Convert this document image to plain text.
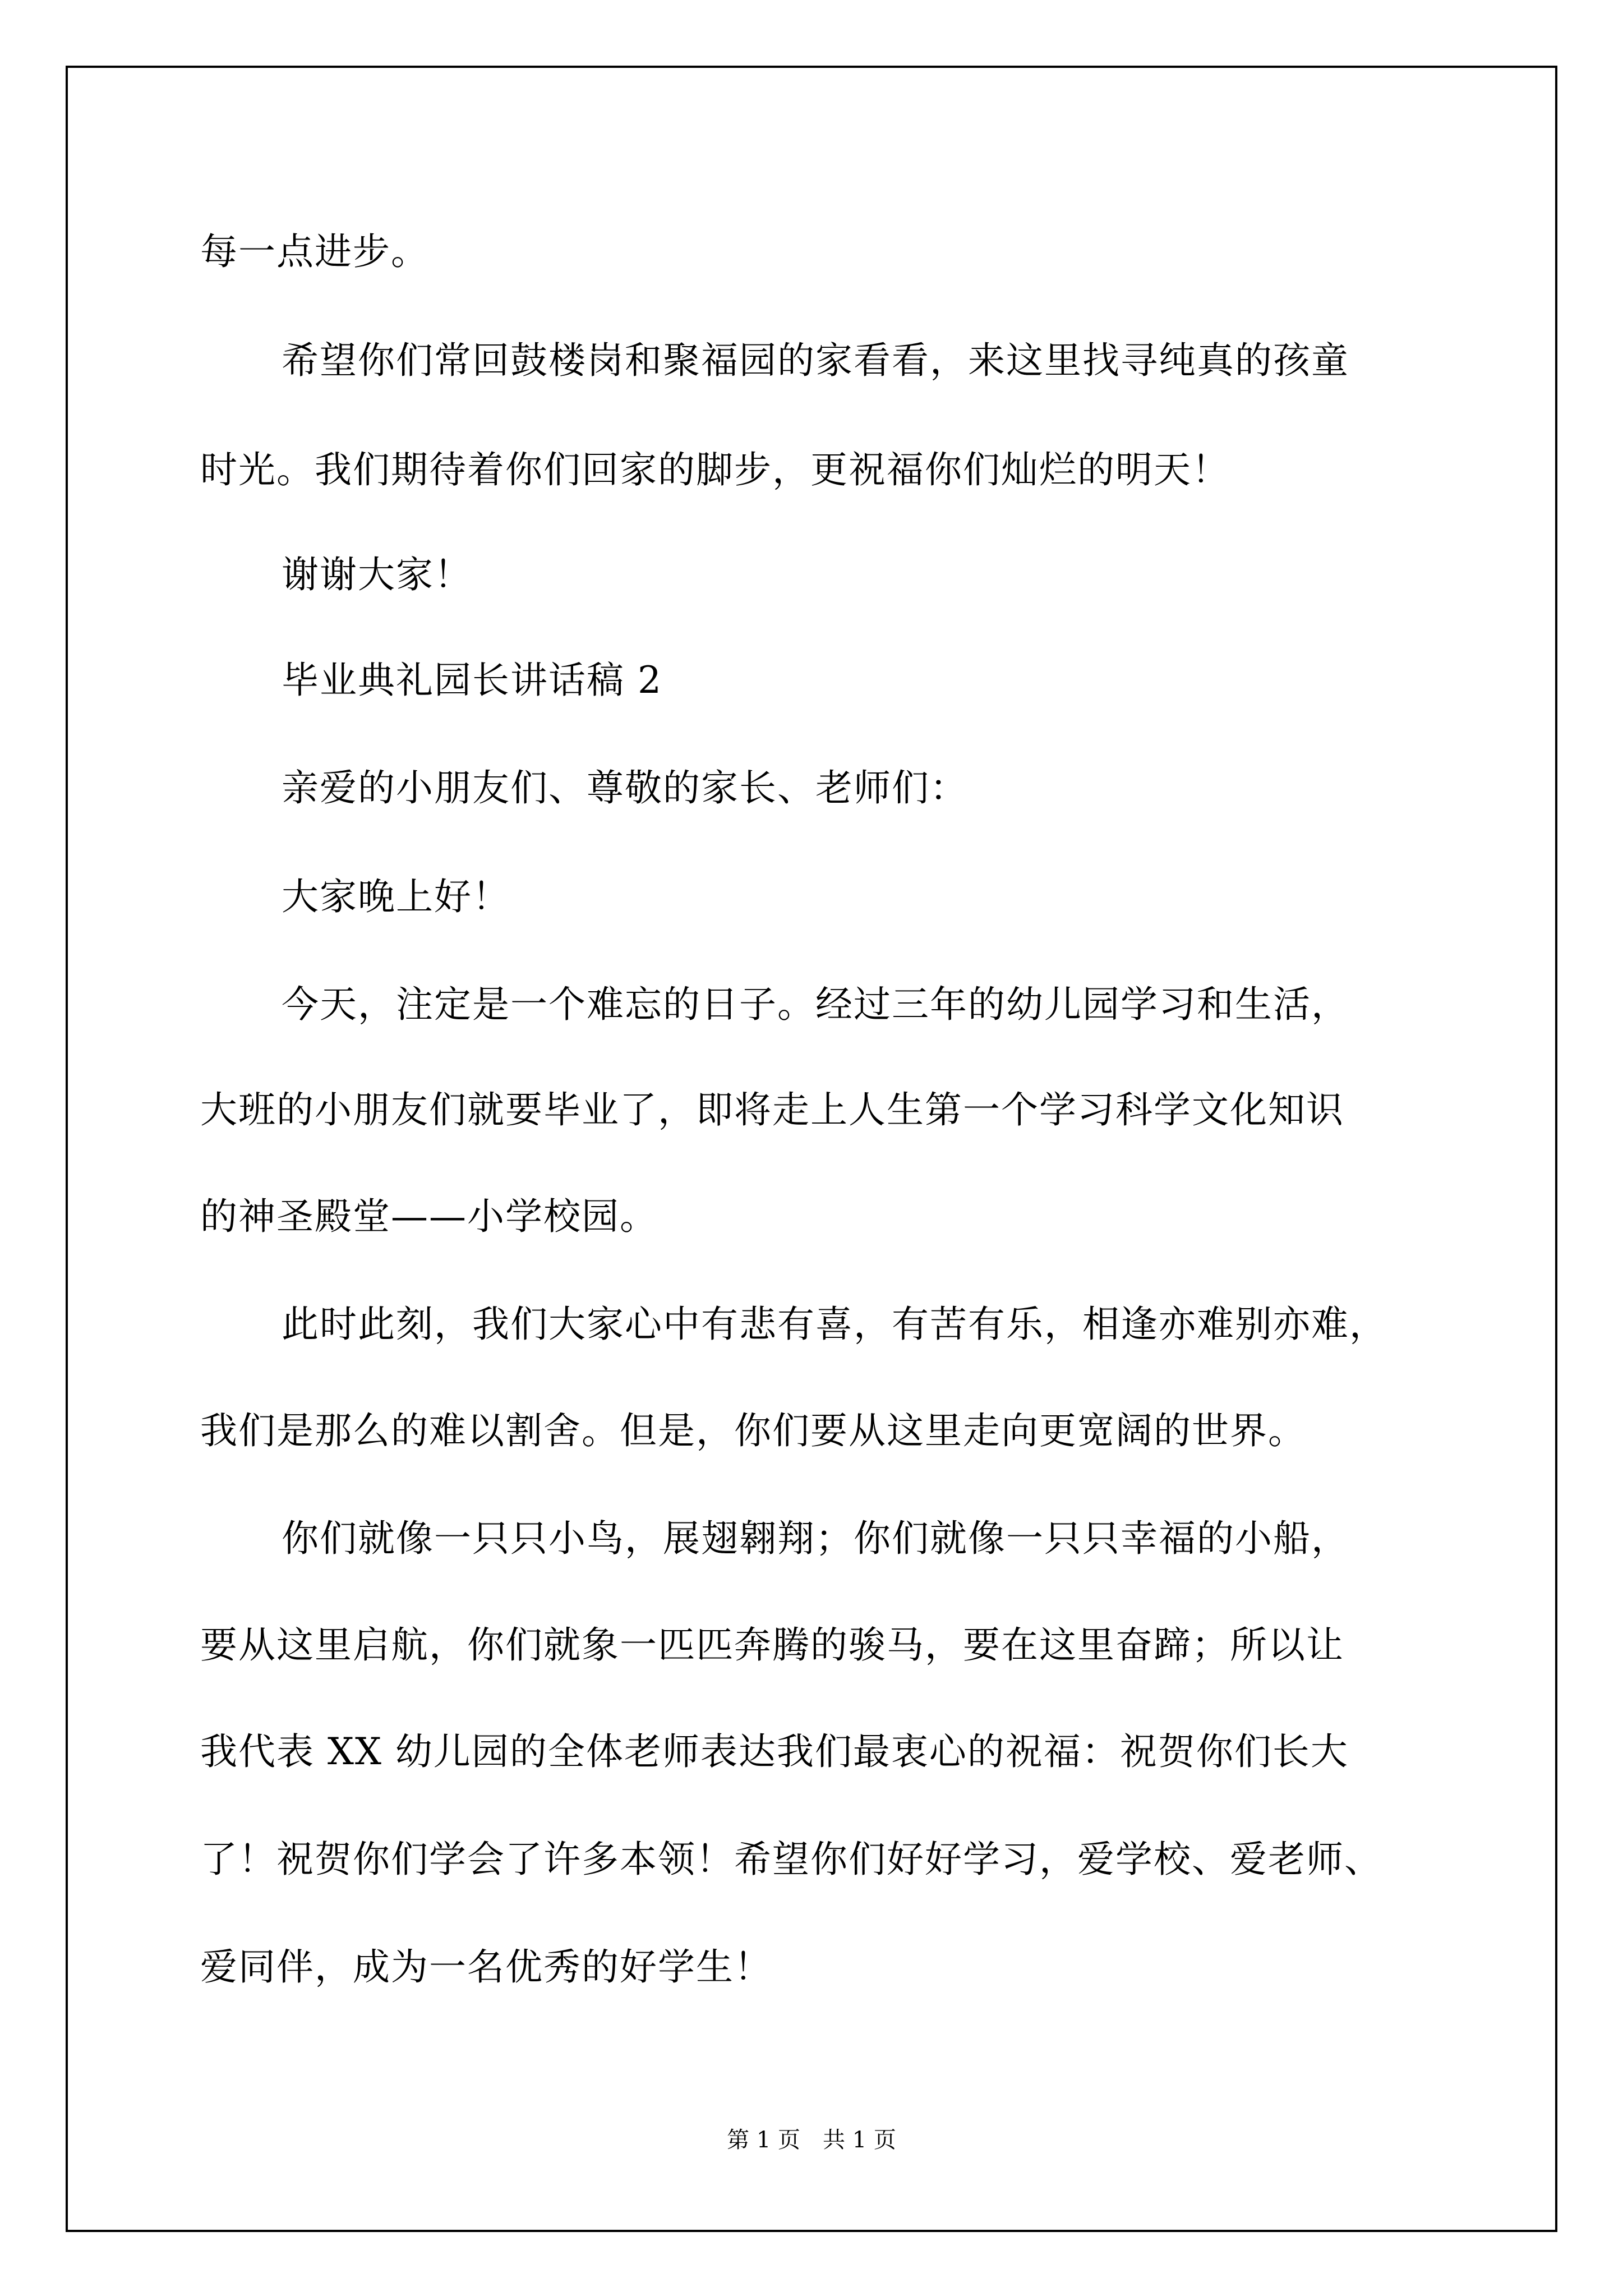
每一点进步。
希望你们常回鼓楼岗和聚福园的家看看，来这里找寻纯真的孩童
时光。我们期待着你们回家的脚步，更祝福你们灿烂的明天！
谢谢大家！
毕业典礼园长讲话稿 2
亲爱的小朋友们、尊敬的家长、老师们：
大家晚上好！
今天，注定是一个难忘的日子。经过三年的幼儿园学习和生活，
大班的小朋友们就要毕业了，即将走上人生第一个学习科学文化知识
的神圣殿堂——小学校园。
此时此刻，我们大家心中有悲有喜，有苦有乐，相逢亦难别亦难，
我们是那么的难以割舍。但是，你们要从这里走向更宽阔的世界。
你们就像一只只小鸟，展翅翱翔；你们就像一只只幸福的小船，
要从这里启航，你们就象一匹匹奔腾的骏马，要在这里奋蹄；所以让
我代表 XX 幼儿园的全体老师表达我们最衷心的祝福：祝贺你们长大
了！祝贺你们学会了许多本领！希望你们好好学习，爱学校、爱老师、
爱同伴，成为一名优秀的好学生！
第 1 页　共 1 页
